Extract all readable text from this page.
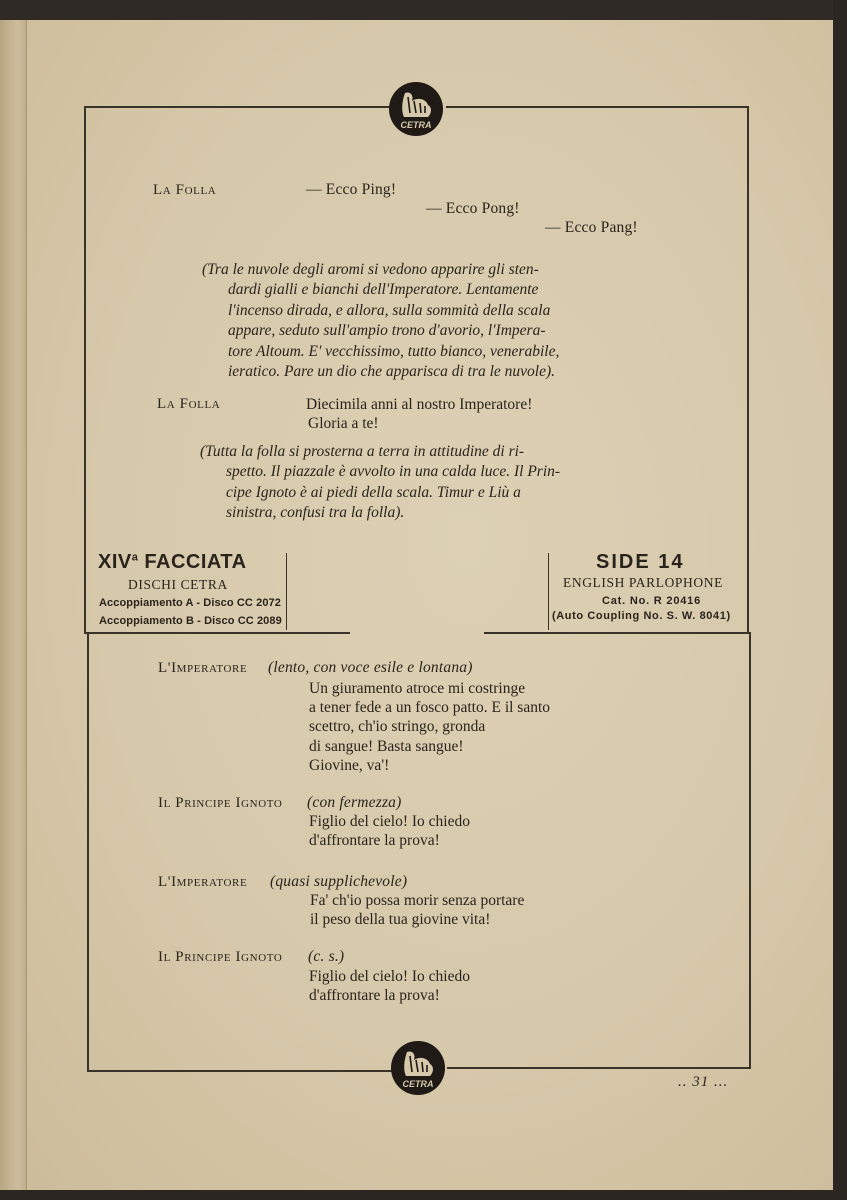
CETRA
CETRA
La Folla	— Ecco Ping!
— Ecco Pong!
— Ecco Pang!
(Tra le nuvole degli aromi si vedono apparire gli sten-
dardi gialli e bianchi dell'Imperatore. Lentamente
l'incenso dirada, e allora, sulla sommità della scala
appare, seduto sull'ampio trono d'avorio, l'Impera-
tore Altoum. E' vecchissimo, tutto bianco, venerabile,
ieratico. Pare un dio che apparisca di tra le nuvole).
La Folla	Diecimila anni al nostro Imperatore!
Gloria a te!
(Tutta la folla si prosterna a terra in attitudine di ri-
spetto. Il piazzale è avvolto in una calda luce. Il Prin-
cipe Ignoto è ai piedi della scala. Timur e Liù a
sinistra, confusi tra la folla).
XIV$^a$ FACCIATA
DISCHI CETRA
Accoppiamento A - Disco CC 2072
Accoppiamento B - Disco CC 2089
SIDE 14
ENGLISH PARLOPHONE
Cat. No. R 20416
(Auto Coupling No. S. W. 8041)
L'Imperatore (lento, con voce esile e lontana)
Un giuramento atroce mi costringe
a tener fede a un fosco patto. E il santo
scettro, ch'io stringo, gronda
di sangue! Basta sangue!
Giovine, va'!
Il Principe Ignoto (con fermezza)
Figlio del cielo! Io chiedo
d'affrontare la prova!
L'Imperatore (quasi supplichevole)
Fa' ch'io possa morir senza portare
il peso della tua giovine vita!
Il Principe Ignoto (c. s.)
Figlio del cielo! Io chiedo
d'affrontare la prova!
.. 31 ...
